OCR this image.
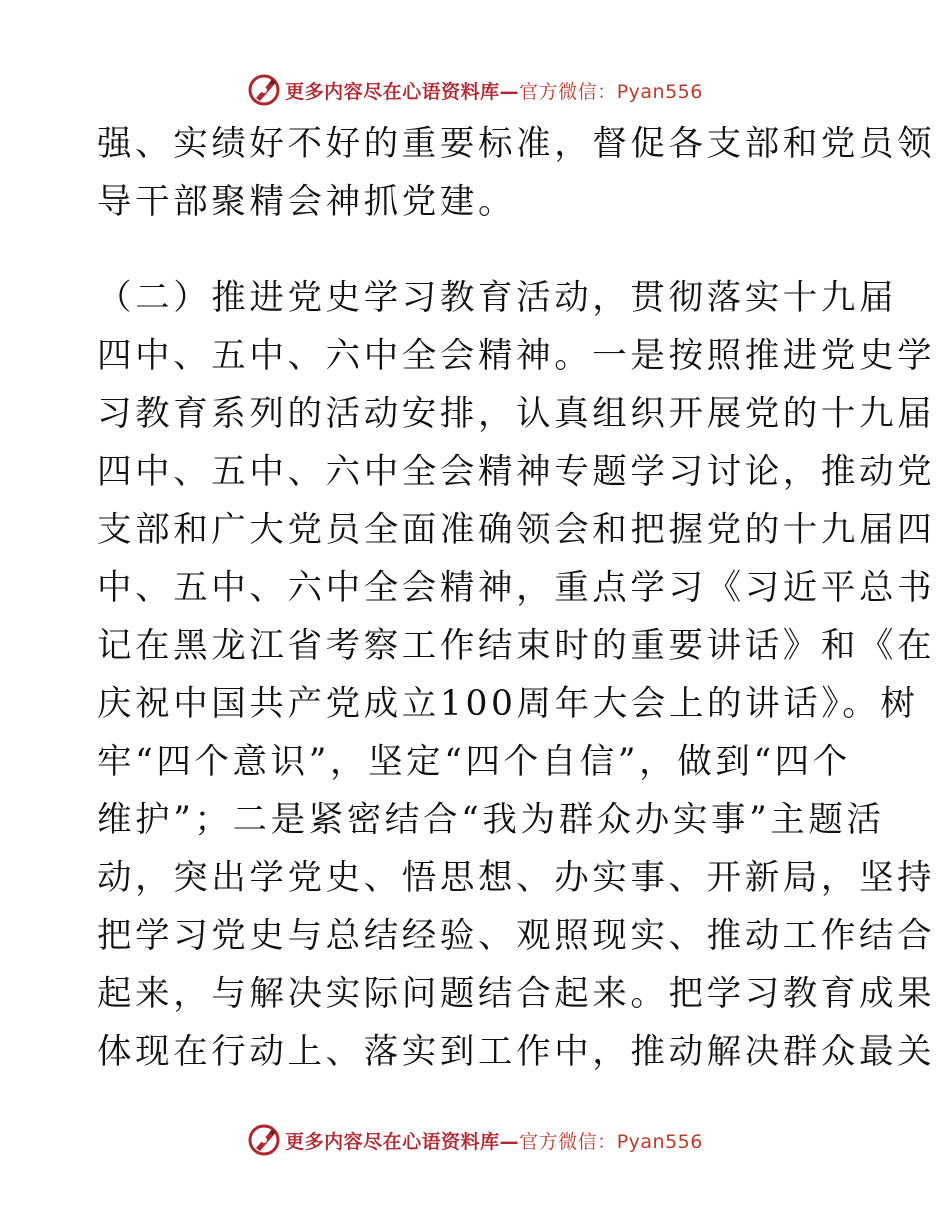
更多内容尽在心语资料库—官方微信：Pyan556
强、实绩好不好的重要标准，督促各支部和党员领
导干部聚精会神抓党建。
（二）推进党史学习教育活动，贯彻落实十九届
四中、五中、六中全会精神。一是按照推进党史学
习教育系列的活动安排，认真组织开展党的十九届
四中、五中、六中全会精神专题学习讨论，推动党
支部和广大党员全面准确领会和把握党的十九届四
中、五中、六中全会精神，重点学习《习近平总书
记在黑龙江省考察工作结束时的重要讲话》和《在
庆祝中国共产党成立100周年大会上的讲话》。树
牢“四个意识”，坚定“四个自信”，做到“四个
维护”；二是紧密结合“我为群众办实事”主题活
动，突出学党史、悟思想、办实事、开新局，坚持
把学习党史与总结经验、观照现实、推动工作结合
起来，与解决实际问题结合起来。把学习教育成果
体现在行动上、落实到工作中，推动解决群众最关
更多内容尽在心语资料库—官方微信：Pyan556
